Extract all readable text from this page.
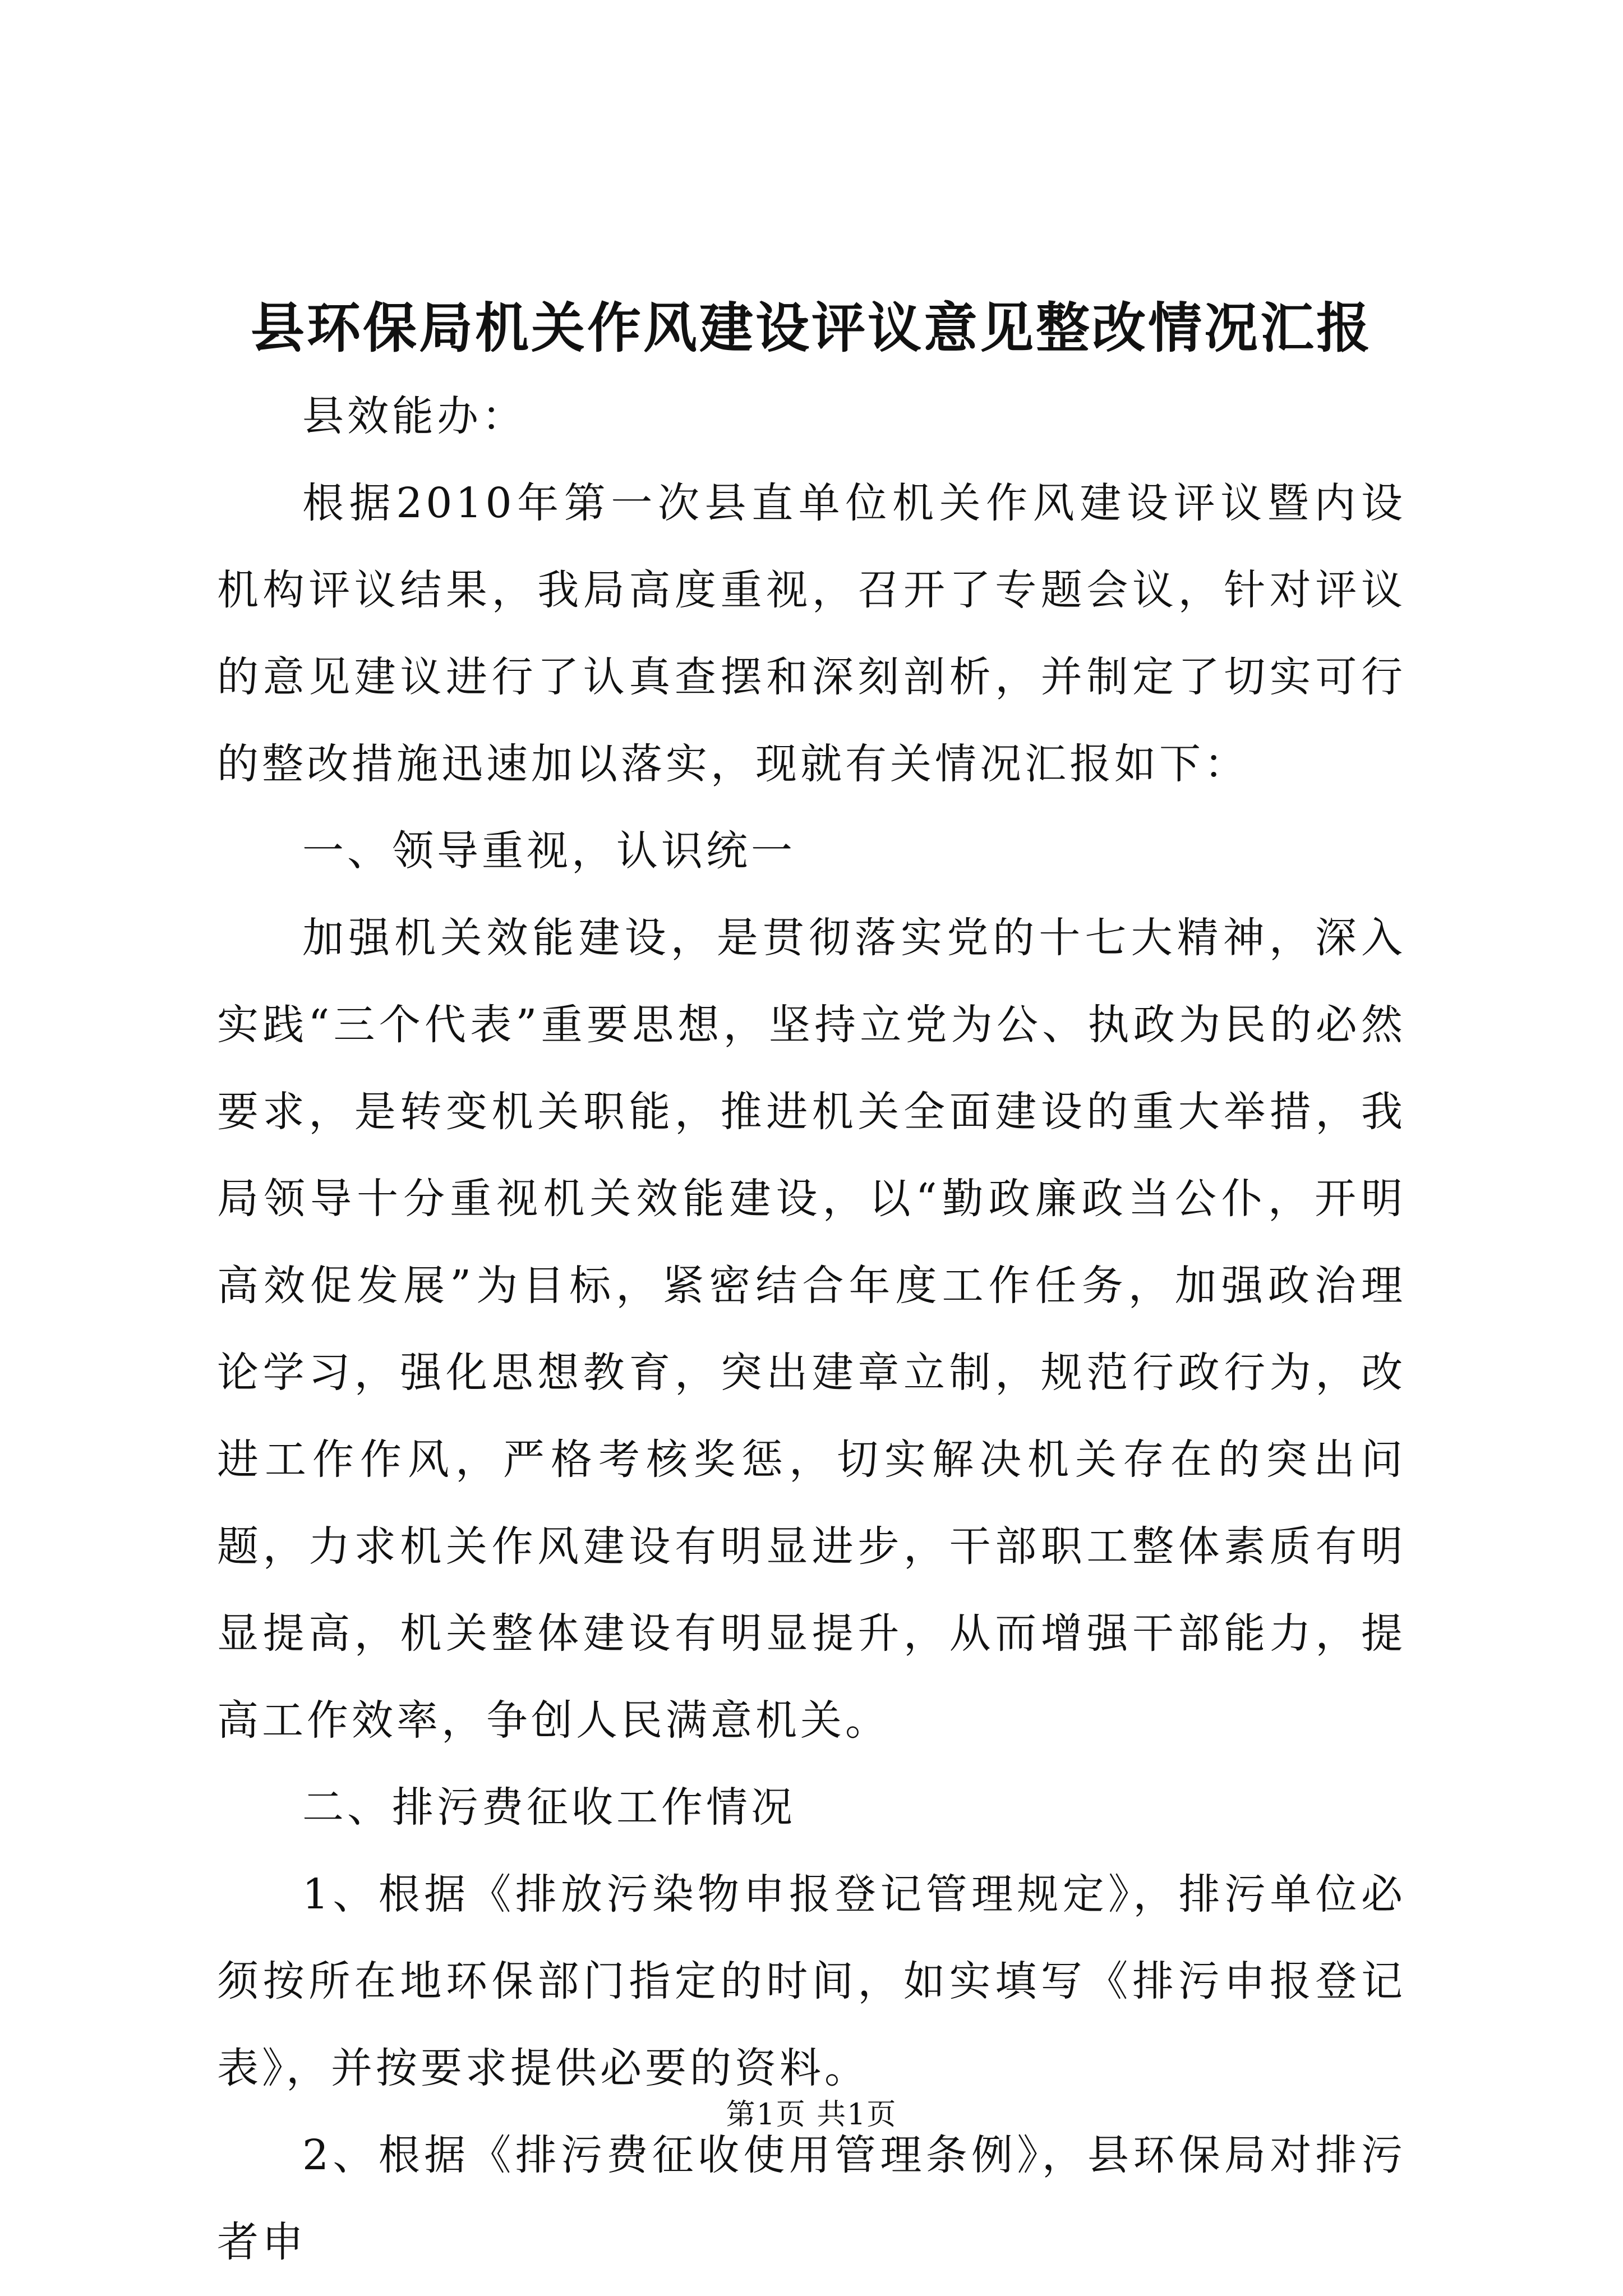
县环保局机关作风建设评议意见整改情况汇报

县效能办：

根据2010年第一次县直单位机关作风建设评议暨内设机构评议结果，我局高度重视，召开了专题会议，针对评议的意见建议进行了认真查摆和深刻剖析，并制定了切实可行的整改措施迅速加以落实，现就有关情况汇报如下：

一、领导重视，认识统一

加强机关效能建设，是贯彻落实党的十七大精神，深入实践“三个代表”重要思想，坚持立党为公、执政为民的必然要求，是转变机关职能，推进机关全面建设的重大举措，我局领导十分重视机关效能建设，以“勤政廉政当公仆，开明高效促发展”为目标，紧密结合年度工作任务，加强政治理论学习，强化思想教育，突出建章立制，规范行政行为，改进工作作风，严格考核奖惩，切实解决机关存在的突出问题，力求机关作风建设有明显进步，干部职工整体素质有明显提高，机关整体建设有明显提升，从而增强干部能力，提高工作效率，争创人民满意机关。

二、排污费征收工作情况

1、根据《排放污染物申报登记管理规定》，排污单位必须按所在地环保部门指定的时间，如实填写《排污申报登记表》，并按要求提供必要的资料。

2、根据《排污费征收使用管理条例》，县环保局对排污者申

第1页 共1页
